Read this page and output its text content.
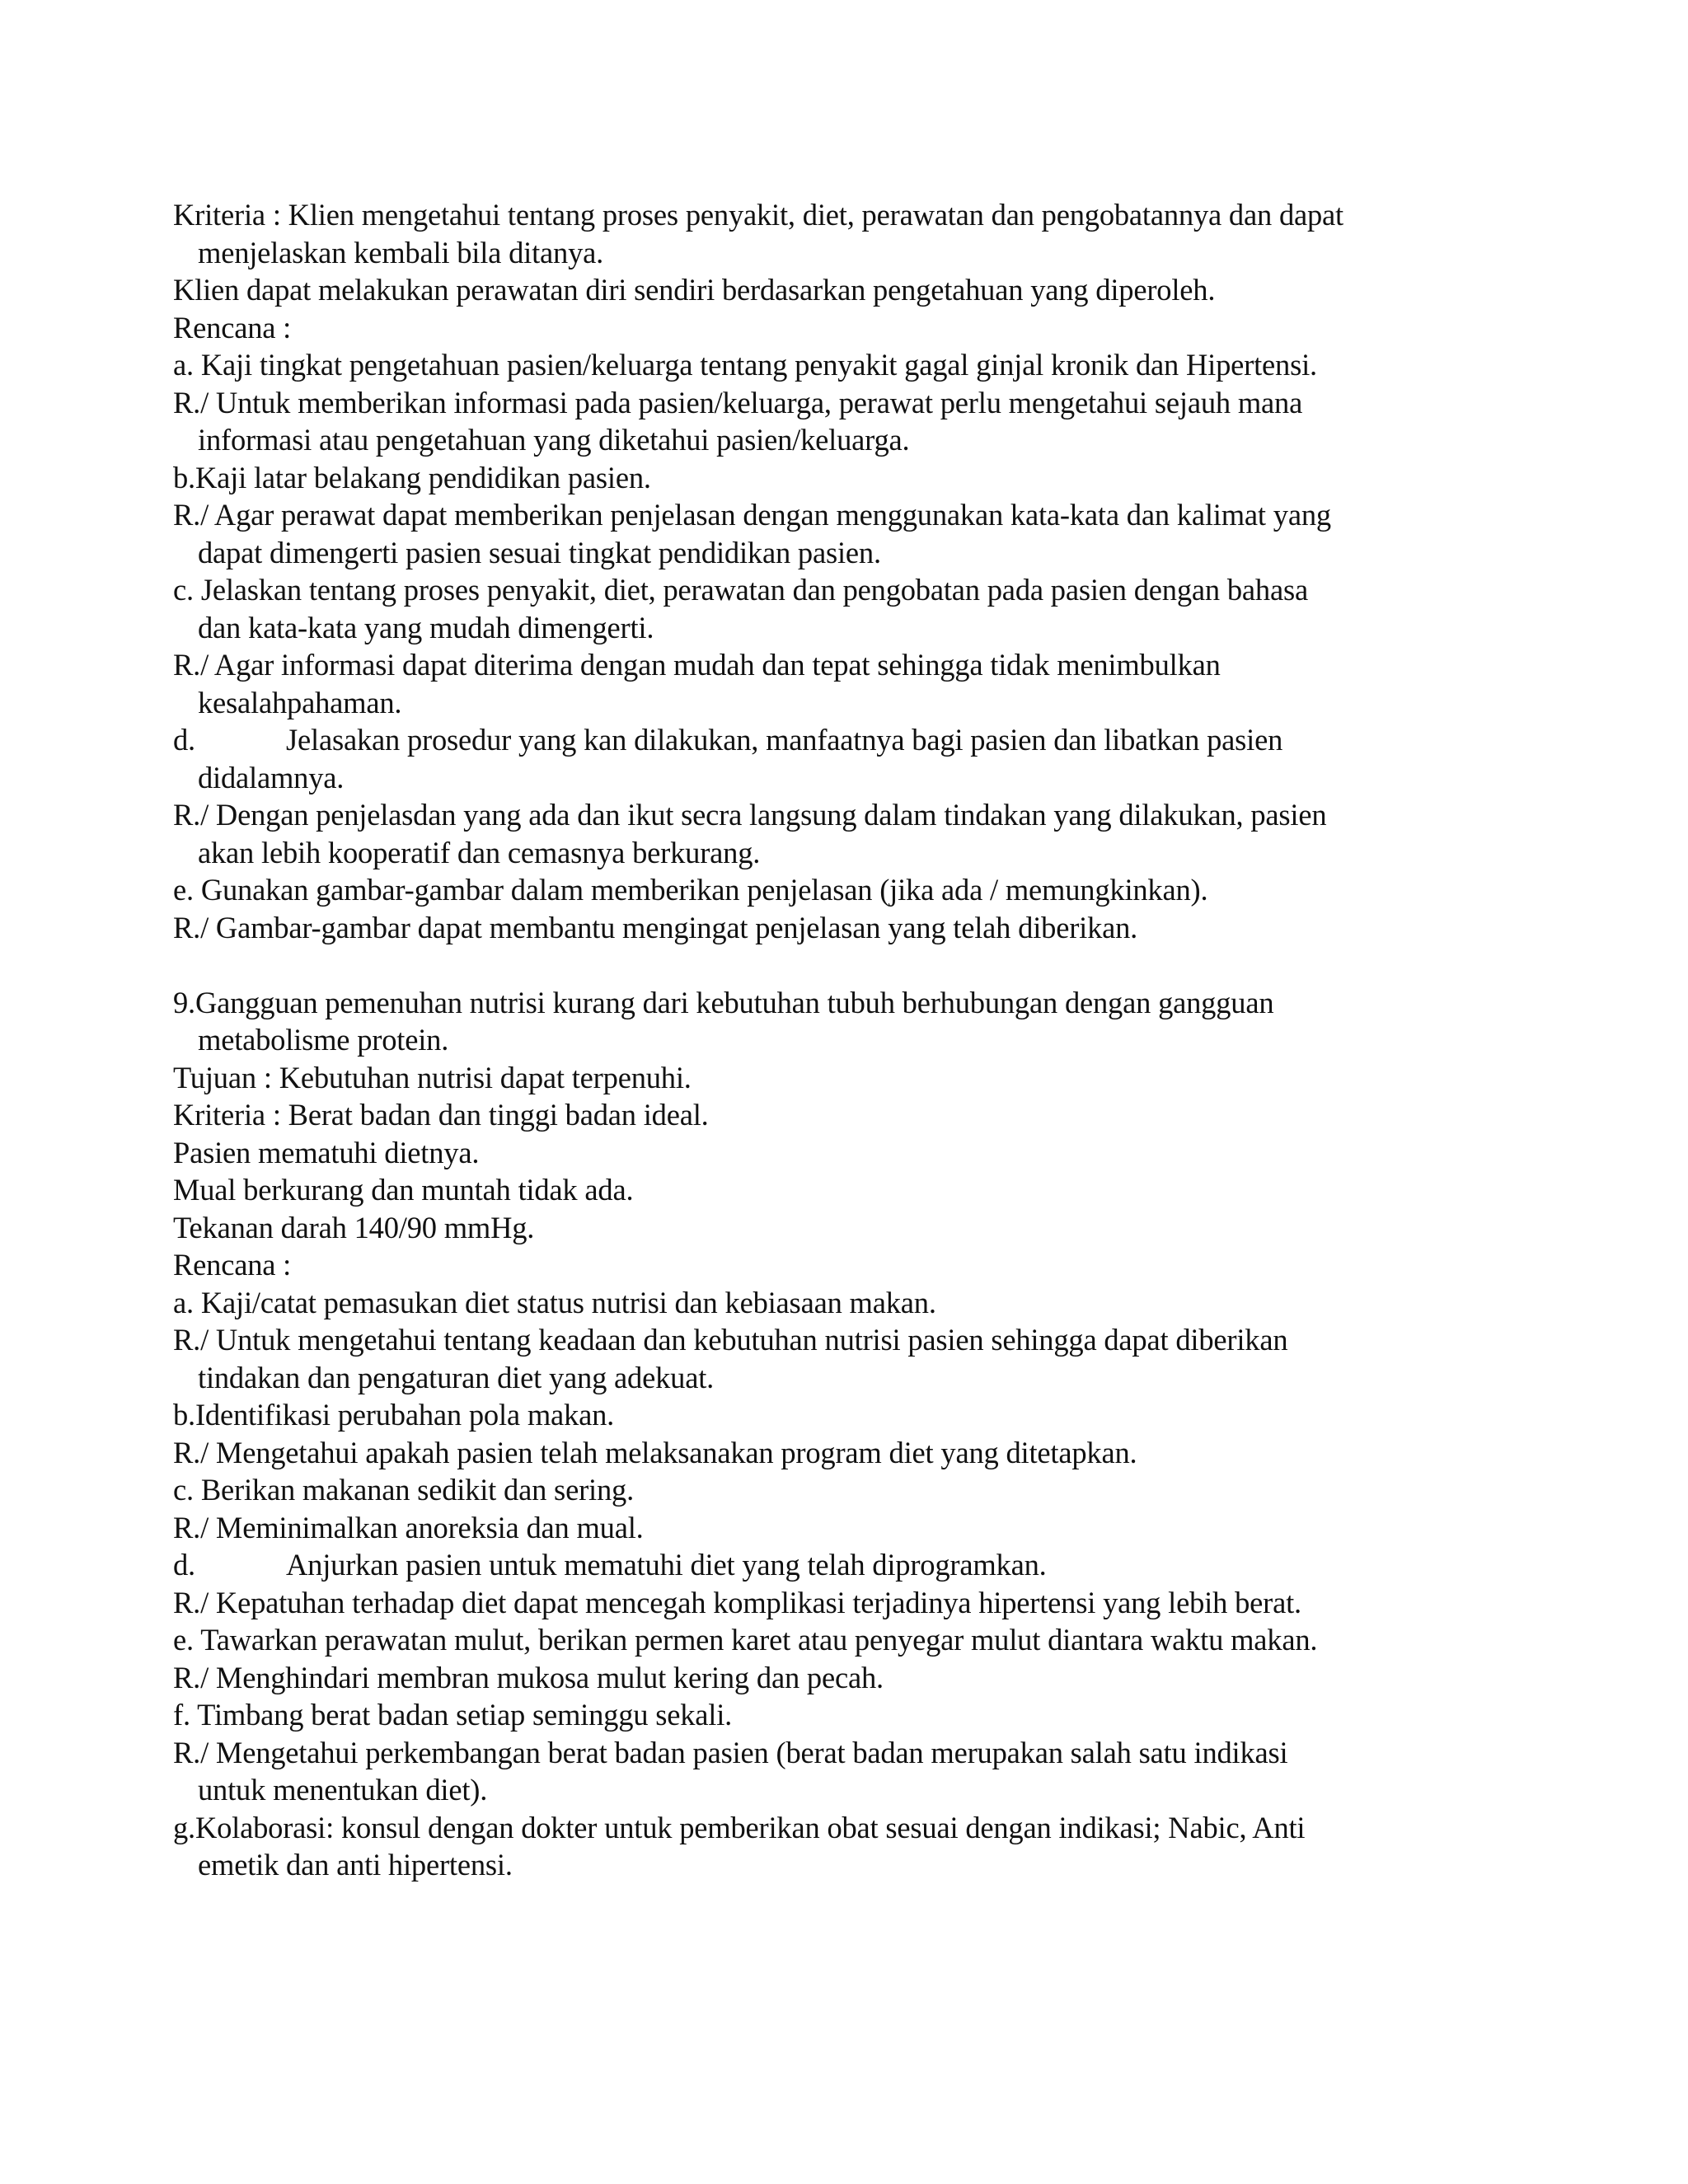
Kriteria : Klien mengetahui tentang proses penyakit, diet, perawatan dan pengobatannya dan dapat
menjelaskan kembali bila ditanya.
Klien dapat melakukan perawatan diri sendiri berdasarkan pengetahuan yang diperoleh.
Rencana :
a. Kaji tingkat pengetahuan pasien/keluarga tentang penyakit gagal ginjal kronik dan Hipertensi.
R./ Untuk memberikan informasi pada pasien/keluarga, perawat perlu mengetahui sejauh mana
informasi atau pengetahuan yang diketahui pasien/keluarga.
b.Kaji latar belakang pendidikan pasien.
R./ Agar perawat dapat memberikan penjelasan dengan menggunakan kata-kata dan kalimat yang
dapat dimengerti pasien sesuai tingkat pendidikan pasien.
c. Jelaskan tentang proses penyakit, diet, perawatan dan pengobatan pada pasien dengan bahasa
dan kata-kata yang mudah dimengerti.
R./ Agar informasi dapat diterima dengan mudah dan tepat sehingga tidak menimbulkan
kesalahpahaman.
d.	Jelasakan prosedur yang kan dilakukan, manfaatnya bagi pasien dan libatkan pasien
didalamnya.
R./ Dengan penjelasdan yang ada dan ikut secra langsung dalam tindakan yang dilakukan, pasien
akan lebih kooperatif dan cemasnya berkurang.
e. Gunakan gambar-gambar dalam memberikan penjelasan (jika ada / memungkinkan).
R./ Gambar-gambar dapat membantu mengingat penjelasan yang telah diberikan.
9.Gangguan pemenuhan nutrisi kurang dari kebutuhan tubuh berhubungan dengan gangguan
metabolisme protein.
Tujuan : Kebutuhan nutrisi dapat terpenuhi.
Kriteria : Berat badan dan tinggi badan ideal.
Pasien mematuhi dietnya.
Mual berkurang dan muntah tidak ada.
Tekanan darah 140/90 mmHg.
Rencana :
a. Kaji/catat pemasukan diet status nutrisi dan kebiasaan makan.
R./ Untuk mengetahui tentang keadaan dan kebutuhan nutrisi pasien sehingga dapat diberikan
tindakan dan pengaturan diet yang adekuat.
b.Identifikasi perubahan pola makan.
R./ Mengetahui apakah pasien telah melaksanakan program diet yang ditetapkan.
c. Berikan makanan sedikit dan sering.
R./ Meminimalkan anoreksia dan mual.
d.	Anjurkan pasien untuk mematuhi diet yang telah diprogramkan.
R./ Kepatuhan terhadap diet dapat mencegah komplikasi terjadinya hipertensi yang lebih berat.
e. Tawarkan perawatan mulut, berikan permen karet atau penyegar mulut diantara waktu makan.
R./ Menghindari membran mukosa mulut kering dan pecah.
f. Timbang berat badan setiap seminggu sekali.
R./ Mengetahui perkembangan berat badan pasien (berat badan merupakan salah satu indikasi
untuk menentukan diet).
g.Kolaborasi: konsul dengan dokter untuk pemberikan obat sesuai dengan indikasi; Nabic, Anti
emetik dan anti hipertensi.
